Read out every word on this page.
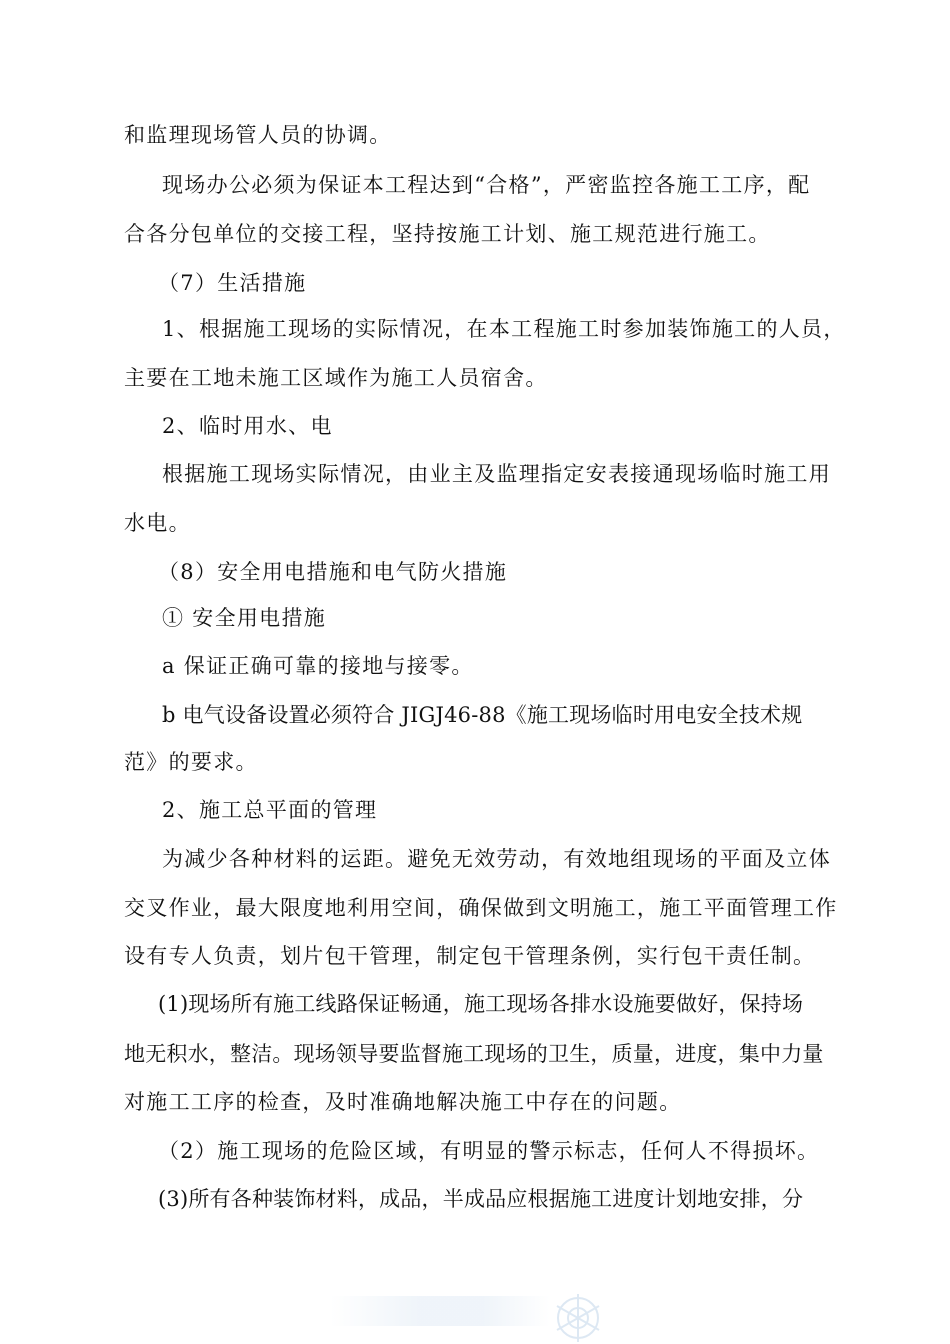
和监理现场管人员的协调。
现场办公必须为保证本工程达到“合格”，严密监控各施工工序，配
合各分包单位的交接工程，坚持按施工计划、施工规范进行施工。
（7）生活措施
1、根据施工现场的实际情况，在本工程施工时参加装饰施工的人员，
主要在工地未施工区域作为施工人员宿舍。
2、临时用水、电
根据施工现场实际情况，由业主及监理指定安表接通现场临时施工用
水电。
（8）安全用电措施和电气防火措施
① 安全用电措施
a 保证正确可靠的接地与接零。
b 电气设备设置必须符合 JIGJ46-88《施工现场临时用电安全技术规
范》的要求。
2、施工总平面的管理
为减少各种材料的运距。避免无效劳动，有效地组现场的平面及立体
交叉作业，最大限度地利用空间，确保做到文明施工，施工平面管理工作
设有专人负责，划片包干管理，制定包干管理条例，实行包干责任制。
(1)现场所有施工线路保证畅通，施工现场各排水设施要做好，保持场
地无积水，整洁。现场领导要监督施工现场的卫生，质量，进度，集中力量
对施工工序的检查，及时准确地解决施工中存在的问题。
（2）施工现场的危险区域，有明显的警示标志，任何人不得损坏。
(3)所有各种装饰材料，成品，半成品应根据施工进度计划地安排，分
